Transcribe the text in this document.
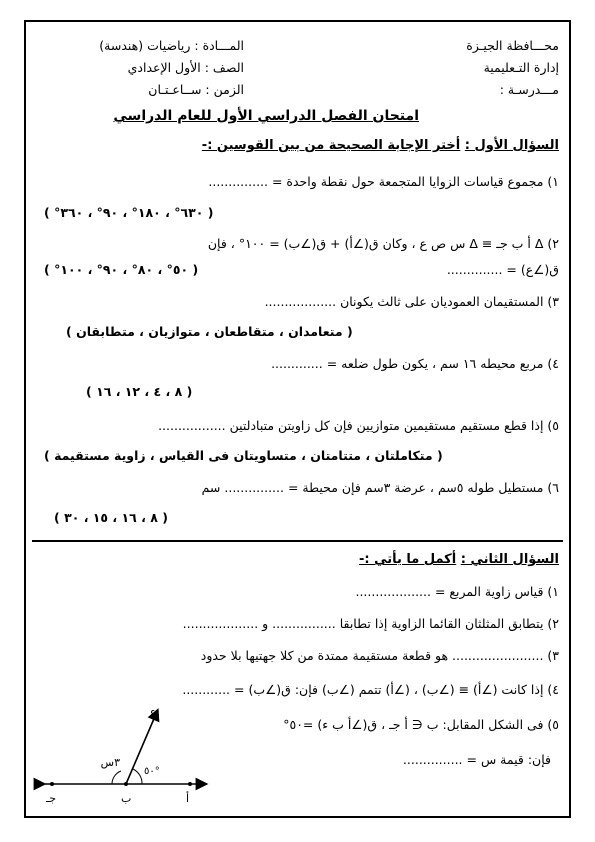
محـــافظة الجيـزة
إدارة التـعليمية
مـــدرسـة :
المـــادة : رياضيات (هندسة)
الصف : الأول الإعدادي
الزمن : ســاعـتـان
امتحان الفصل الدراسي الأول للعام الدراسي
السؤال الأول : أختر الإجابة الصحيحة من بين القوسين :-
١) مجموع قياسات الزوايا المتجمعة حول نقطة واحدة = ...............
( ٦٣٠° ، ١٨٠° ، ٩٠° ، ٣٦٠° )
٢) Δ أ ب جـ ≡ Δ س ص ع ، وكان ق(∠أ) + ق(∠ب) = ١٠٠° ، فإن
ق(∠ع) = ..............
( ٥٠° ، ٨٠° ، ٩٠° ، ١٠٠° )
٣) المستقيمان العموديان على ثالث يكونان ..................
( متعامدان ، متقاطعان ، متوازيان ، متطابقان )
٤) مربع محيطه ١٦ سم ، يكون طول ضلعه = .............
( ٨ ، ٤ ، ١٢ ، ١٦ )
٥) إذا قطع مستقيم مستقيمين متوازيين فإن كل زاويتن متبادلتين .................
( متكاملتان ، متتامتان ، متساويتان فى القياس ، زاوية مستقيمة )
٦) مستطيل طوله ٥سم ، عرضة ٣سم فإن محيطة = ............... سم
( ٨ ، ١٦ ، ١٥ ، ٣٠ )
السؤال الثاني : أكمل ما يأتي :-
١) قياس زاوية المربع = ...................
٢) يتطابق المثلثان القائما الزاوية إذا تطابقا ................ و ...................
٣) ....................... هو قطعة مستقيمة ممتدة من كلا جهتيها بلا حدود
٤) إذا كانت (∠أ) ≡ (∠ب) ، (∠أ) تتمم (∠ب) فإن: ق(∠ب) = ............
٥) فى الشكل المقابل: ب ∈ أ جـ ، ق(∠أ ب ء) =٥٠°
فإن: قيمة س = ...............
٣س
٥٠°
ء
جـ	ب	أ
